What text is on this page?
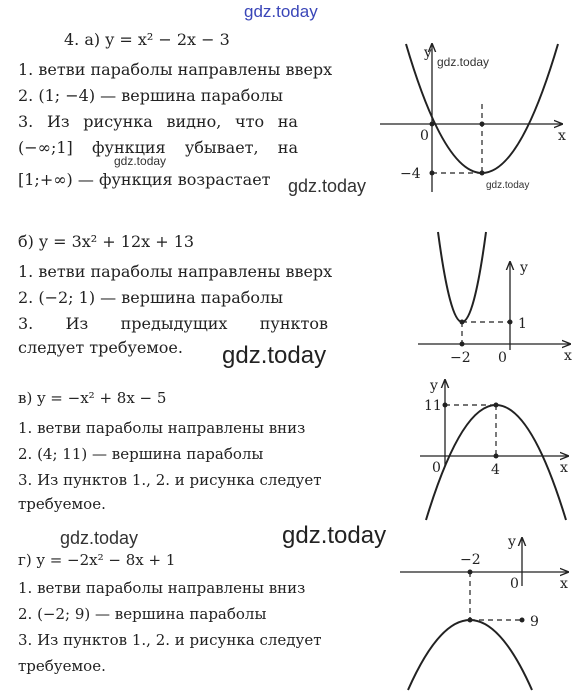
gdz.today
gdz.today
gdz.today
gdz.today
gdz.today	gdz.today
4. а) y = x² − 2x − 3
1. ветви параболы направлены вверх
2. (1; −4) — вершина параболы
3. Из рисунка видно, что на
(−∞;1] функция убывает, на
[1;+∞) — функция возрастает
б) y = 3x² + 12x + 13
1. ветви параболы направлены вверх
2. (−2; 1) — вершина параболы
3. Из предыдущих пунктов
следует требуемое.
в) y = −x² + 8x − 5
1. ветви параболы направлены вниз
2. (4; 11) — вершина параболы
3. Из пунктов 1., 2. и рисунка следует
требуемое.
г) y = −2x² − 8x + 1
1. ветви параболы направлены вниз
2. (−2; 9) — вершина параболы
3. Из пунктов 1., 2. и рисунка следует
требуемое.
y
x
0
−4
gdz.today
gdz.today
y
x
1
−2 0
y
x
11
0	4
y
x
−2
0
9
